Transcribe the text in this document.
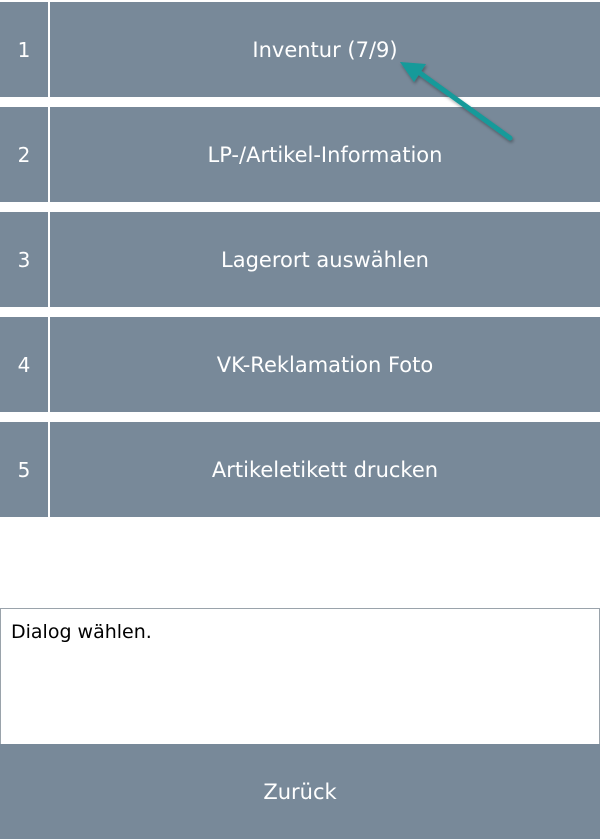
1	Inventur (7/9)
2	LP-/Artikel-Information
3	Lagerort auswählen
4	VK-Reklamation Foto
5	Artikeletikett drucken
Dialog wählen.
Zurück
